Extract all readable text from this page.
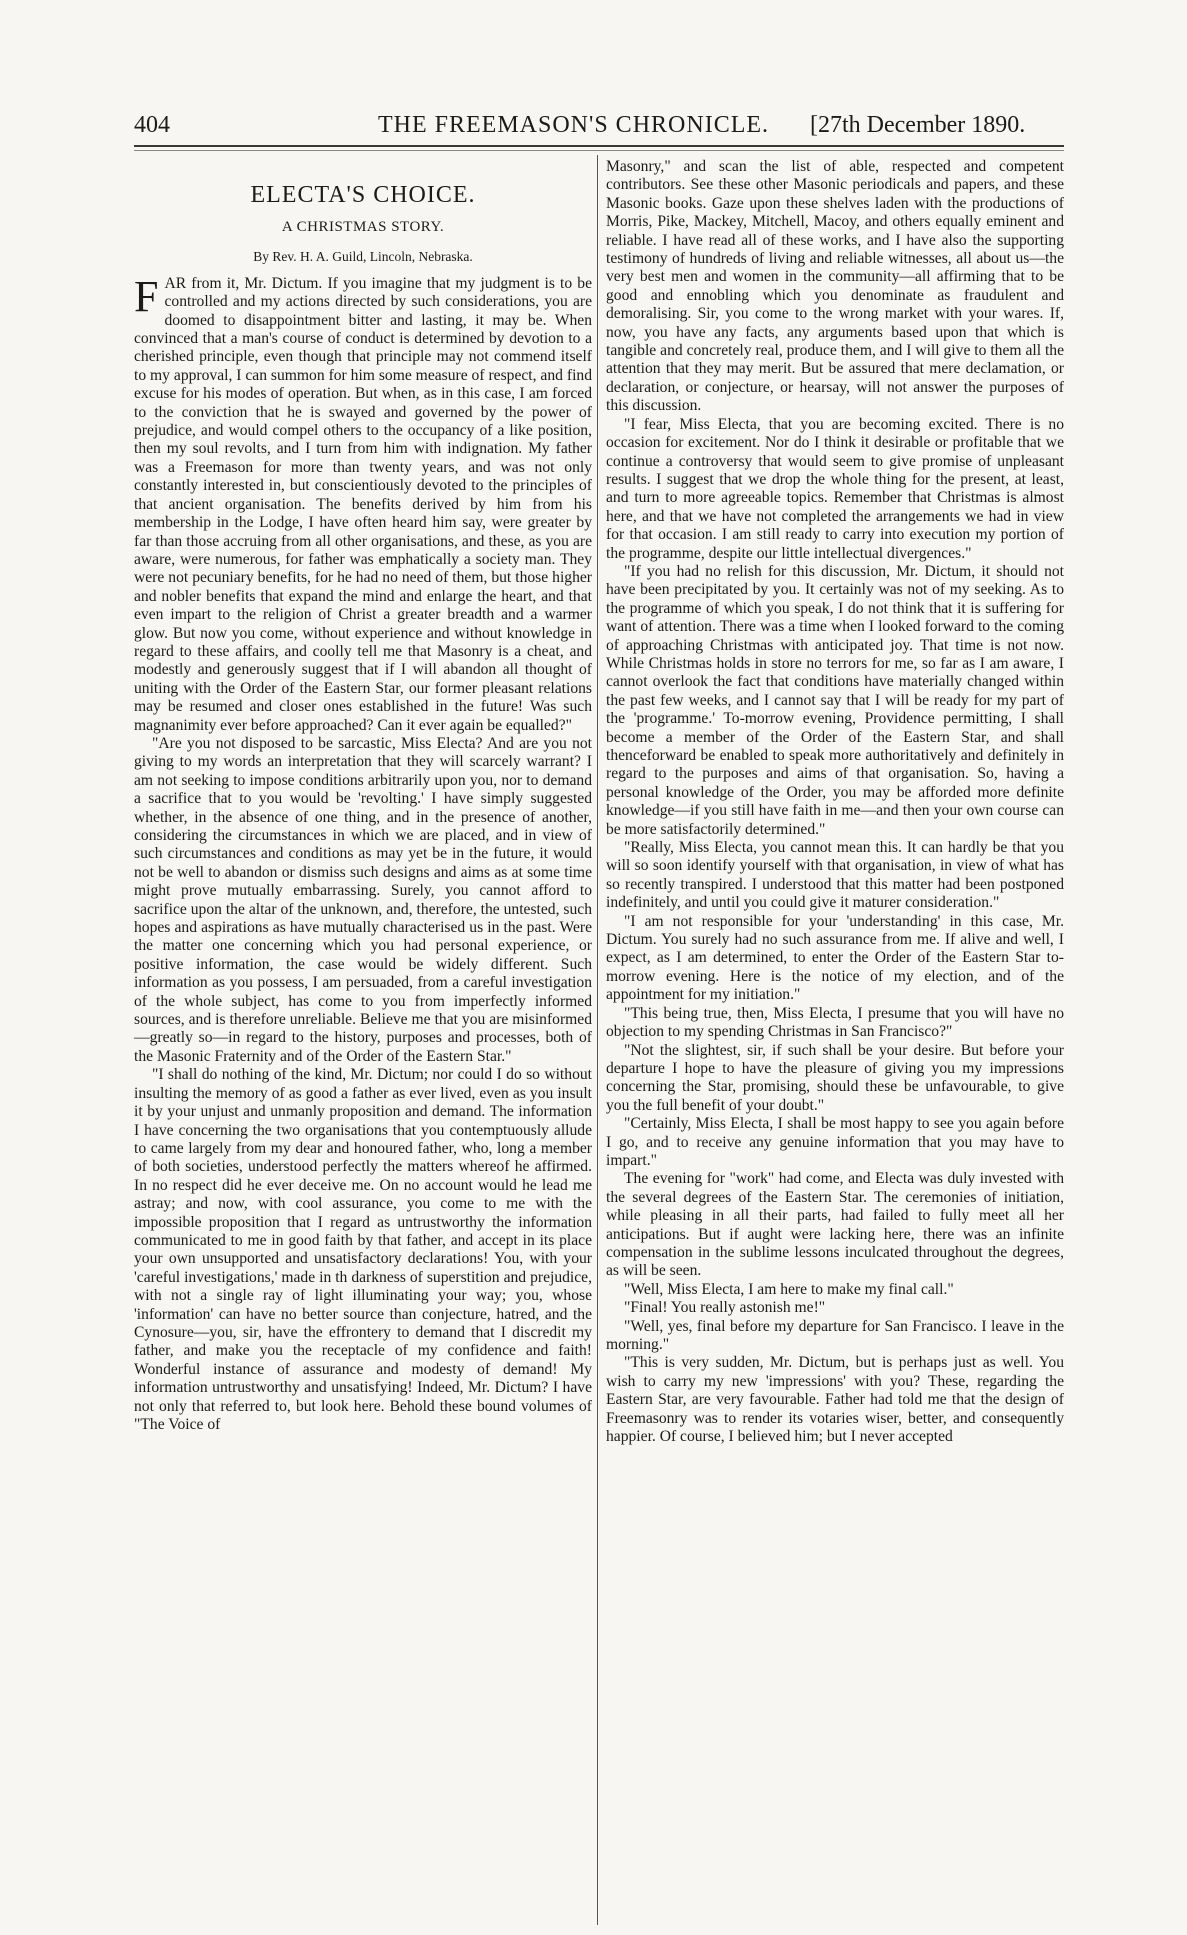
404	THE FREEMASON'S CHRONICLE. [27th December 1890.
ELECTA'S CHOICE.
A CHRISTMAS STORY.
By Rev. H. A. Guild, Lincoln, Nebraska.

FAR from it, Mr. Dictum. If you imagine that my judgment is to be controlled and my actions directed by such considerations, you are doomed to disappointment bitter and lasting, it may be. When convinced that a man's course of conduct is determined by devotion to a cherished principle, even though that principle may not commend itself to my approval, I can summon for him some measure of respect, and find excuse for his modes of operation. But when, as in this case, I am forced to the conviction that he is swayed and governed by the power of prejudice, and would compel others to the occupancy of a like position, then my soul revolts, and I turn from him with indignation. My father was a Freemason for more than twenty years, and was not only constantly interested in, but conscientiously devoted to the principles of that ancient organisation. The benefits derived by him from his membership in the Lodge, I have often heard him say, were greater by far than those accruing from all other organisations, and these, as you are aware, were numerous, for father was emphatically a society man. They were not pecuniary benefits, for he had no need of them, but those higher and nobler benefits that expand the mind and enlarge the heart, and that even impart to the religion of Christ a greater breadth and a warmer glow. But now you come, without experience and without knowledge in regard to these affairs, and coolly tell me that Masonry is a cheat, and modestly and generously suggest that if I will abandon all thought of uniting with the Order of the Eastern Star, our former pleasant relations may be resumed and closer ones established in the future! Was such magnanimity ever before approached? Can it ever again be equalled?"

"Are you not disposed to be sarcastic, Miss Electa? And are you not giving to my words an interpretation that they will scarcely warrant? I am not seeking to impose conditions arbitrarily upon you, nor to demand a sacrifice that to you would be 'revolting.' I have simply suggested whether, in the absence of one thing, and in the presence of another, considering the circumstances in which we are placed, and in view of such circumstances and conditions as may yet be in the future, it would not be well to abandon or dismiss such designs and aims as at some time might prove mutually embarrassing. Surely, you cannot afford to sacrifice upon the altar of the unknown, and, therefore, the untested, such hopes and aspirations as have mutually characterised us in the past. Were the matter one concerning which you had personal experience, or positive information, the case would be widely different. Such information as you possess, I am persuaded, from a careful investigation of the whole subject, has come to you from imperfectly informed sources, and is therefore unreliable. Believe me that you are misinformed—greatly so—in regard to the history, purposes and processes, both of the Masonic Fraternity and of the Order of the Eastern Star."

"I shall do nothing of the kind, Mr. Dictum; nor could I do so without insulting the memory of as good a father as ever lived, even as you insult it by your unjust and unmanly proposition and demand. The information I have concerning the two organisations that you contemptuously allude to came largely from my dear and honoured father, who, long a member of both societies, understood perfectly the matters whereof he affirmed. In no respect did he ever deceive me. On no account would he lead me astray; and now, with cool assurance, you come to me with the impossible proposition that I regard as untrustworthy the information communicated to me in good faith by that father, and accept in its place your own unsupported and unsatisfactory declarations! You, with your 'careful investigations,' made in th darkness of superstition and prejudice, with not a single ray of light illuminating your way; you, whose 'information' can have no better source than conjecture, hatred, and the Cynosure—you, sir, have the effrontery to demand that I discredit my father, and make you the receptacle of my confidence and faith! Wonderful instance of assurance and modesty of demand! My information untrustworthy and unsatisfying! Indeed, Mr. Dictum? I have not only that referred to, but look here. Behold these bound volumes of "The Voice of

Masonry," and scan the list of able, respected and competent contributors. See these other Masonic periodicals and papers, and these Masonic books. Gaze upon these shelves laden with the productions of Morris, Pike, Mackey, Mitchell, Macoy, and others equally eminent and reliable. I have read all of these works, and I have also the supporting testimony of hundreds of living and reliable witnesses, all about us—the very best men and women in the community—all affirming that to be good and ennobling which you denominate as fraudulent and demoralising. Sir, you come to the wrong market with your wares. If, now, you have any facts, any arguments based upon that which is tangible and concretely real, produce them, and I will give to them all the attention that they may merit. But be assured that mere declamation, or declaration, or conjecture, or hearsay, will not answer the purposes of this discussion.

"I fear, Miss Electa, that you are becoming excited. There is no occasion for excitement. Nor do I think it desirable or profitable that we continue a controversy that would seem to give promise of unpleasant results. I suggest that we drop the whole thing for the present, at least, and turn to more agreeable topics. Remember that Christmas is almost here, and that we have not completed the arrangements we had in view for that occasion. I am still ready to carry into execution my portion of the programme, despite our little intellectual divergences."

"If you had no relish for this discussion, Mr. Dictum, it should not have been precipitated by you. It certainly was not of my seeking. As to the programme of which you speak, I do not think that it is suffering for want of attention. There was a time when I looked forward to the coming of approaching Christmas with anticipated joy. That time is not now. While Christmas holds in store no terrors for me, so far as I am aware, I cannot overlook the fact that conditions have materially changed within the past few weeks, and I cannot say that I will be ready for my part of the 'programme.' To-morrow evening, Providence permitting, I shall become a member of the Order of the Eastern Star, and shall thenceforward be enabled to speak more authoritatively and definitely in regard to the purposes and aims of that organisation. So, having a personal knowledge of the Order, you may be afforded more definite knowledge—if you still have faith in me—and then your own course can be more satisfactorily determined."

"Really, Miss Electa, you cannot mean this. It can hardly be that you will so soon identify yourself with that organisation, in view of what has so recently transpired. I understood that this matter had been postponed indefinitely, and until you could give it maturer consideration."

"I am not responsible for your 'understanding' in this case, Mr. Dictum. You surely had no such assurance from me. If alive and well, I expect, as I am determined, to enter the Order of the Eastern Star to-morrow evening. Here is the notice of my election, and of the appointment for my initiation."

"This being true, then, Miss Electa, I presume that you will have no objection to my spending Christmas in San Francisco?"

"Not the slightest, sir, if such shall be your desire. But before your departure I hope to have the pleasure of giving you my impressions concerning the Star, promising, should these be unfavourable, to give you the full benefit of your doubt."

"Certainly, Miss Electa, I shall be most happy to see you again before I go, and to receive any genuine information that you may have to impart."

The evening for "work" had come, and Electa was duly invested with the several degrees of the Eastern Star. The ceremonies of initiation, while pleasing in all their parts, had failed to fully meet all her anticipations. But if aught were lacking here, there was an infinite compensation in the sublime lessons inculcated throughout the degrees, as will be seen.

"Well, Miss Electa, I am here to make my final call."

"Final! You really astonish me!"

"Well, yes, final before my departure for San Francisco. I leave in the morning."

"This is very sudden, Mr. Dictum, but is perhaps just as well. You wish to carry my new 'impressions' with you? These, regarding the Eastern Star, are very favourable. Father had told me that the design of Freemasonry was to render its votaries wiser, better, and consequently happier. Of course, I believed him; but I never accepted
